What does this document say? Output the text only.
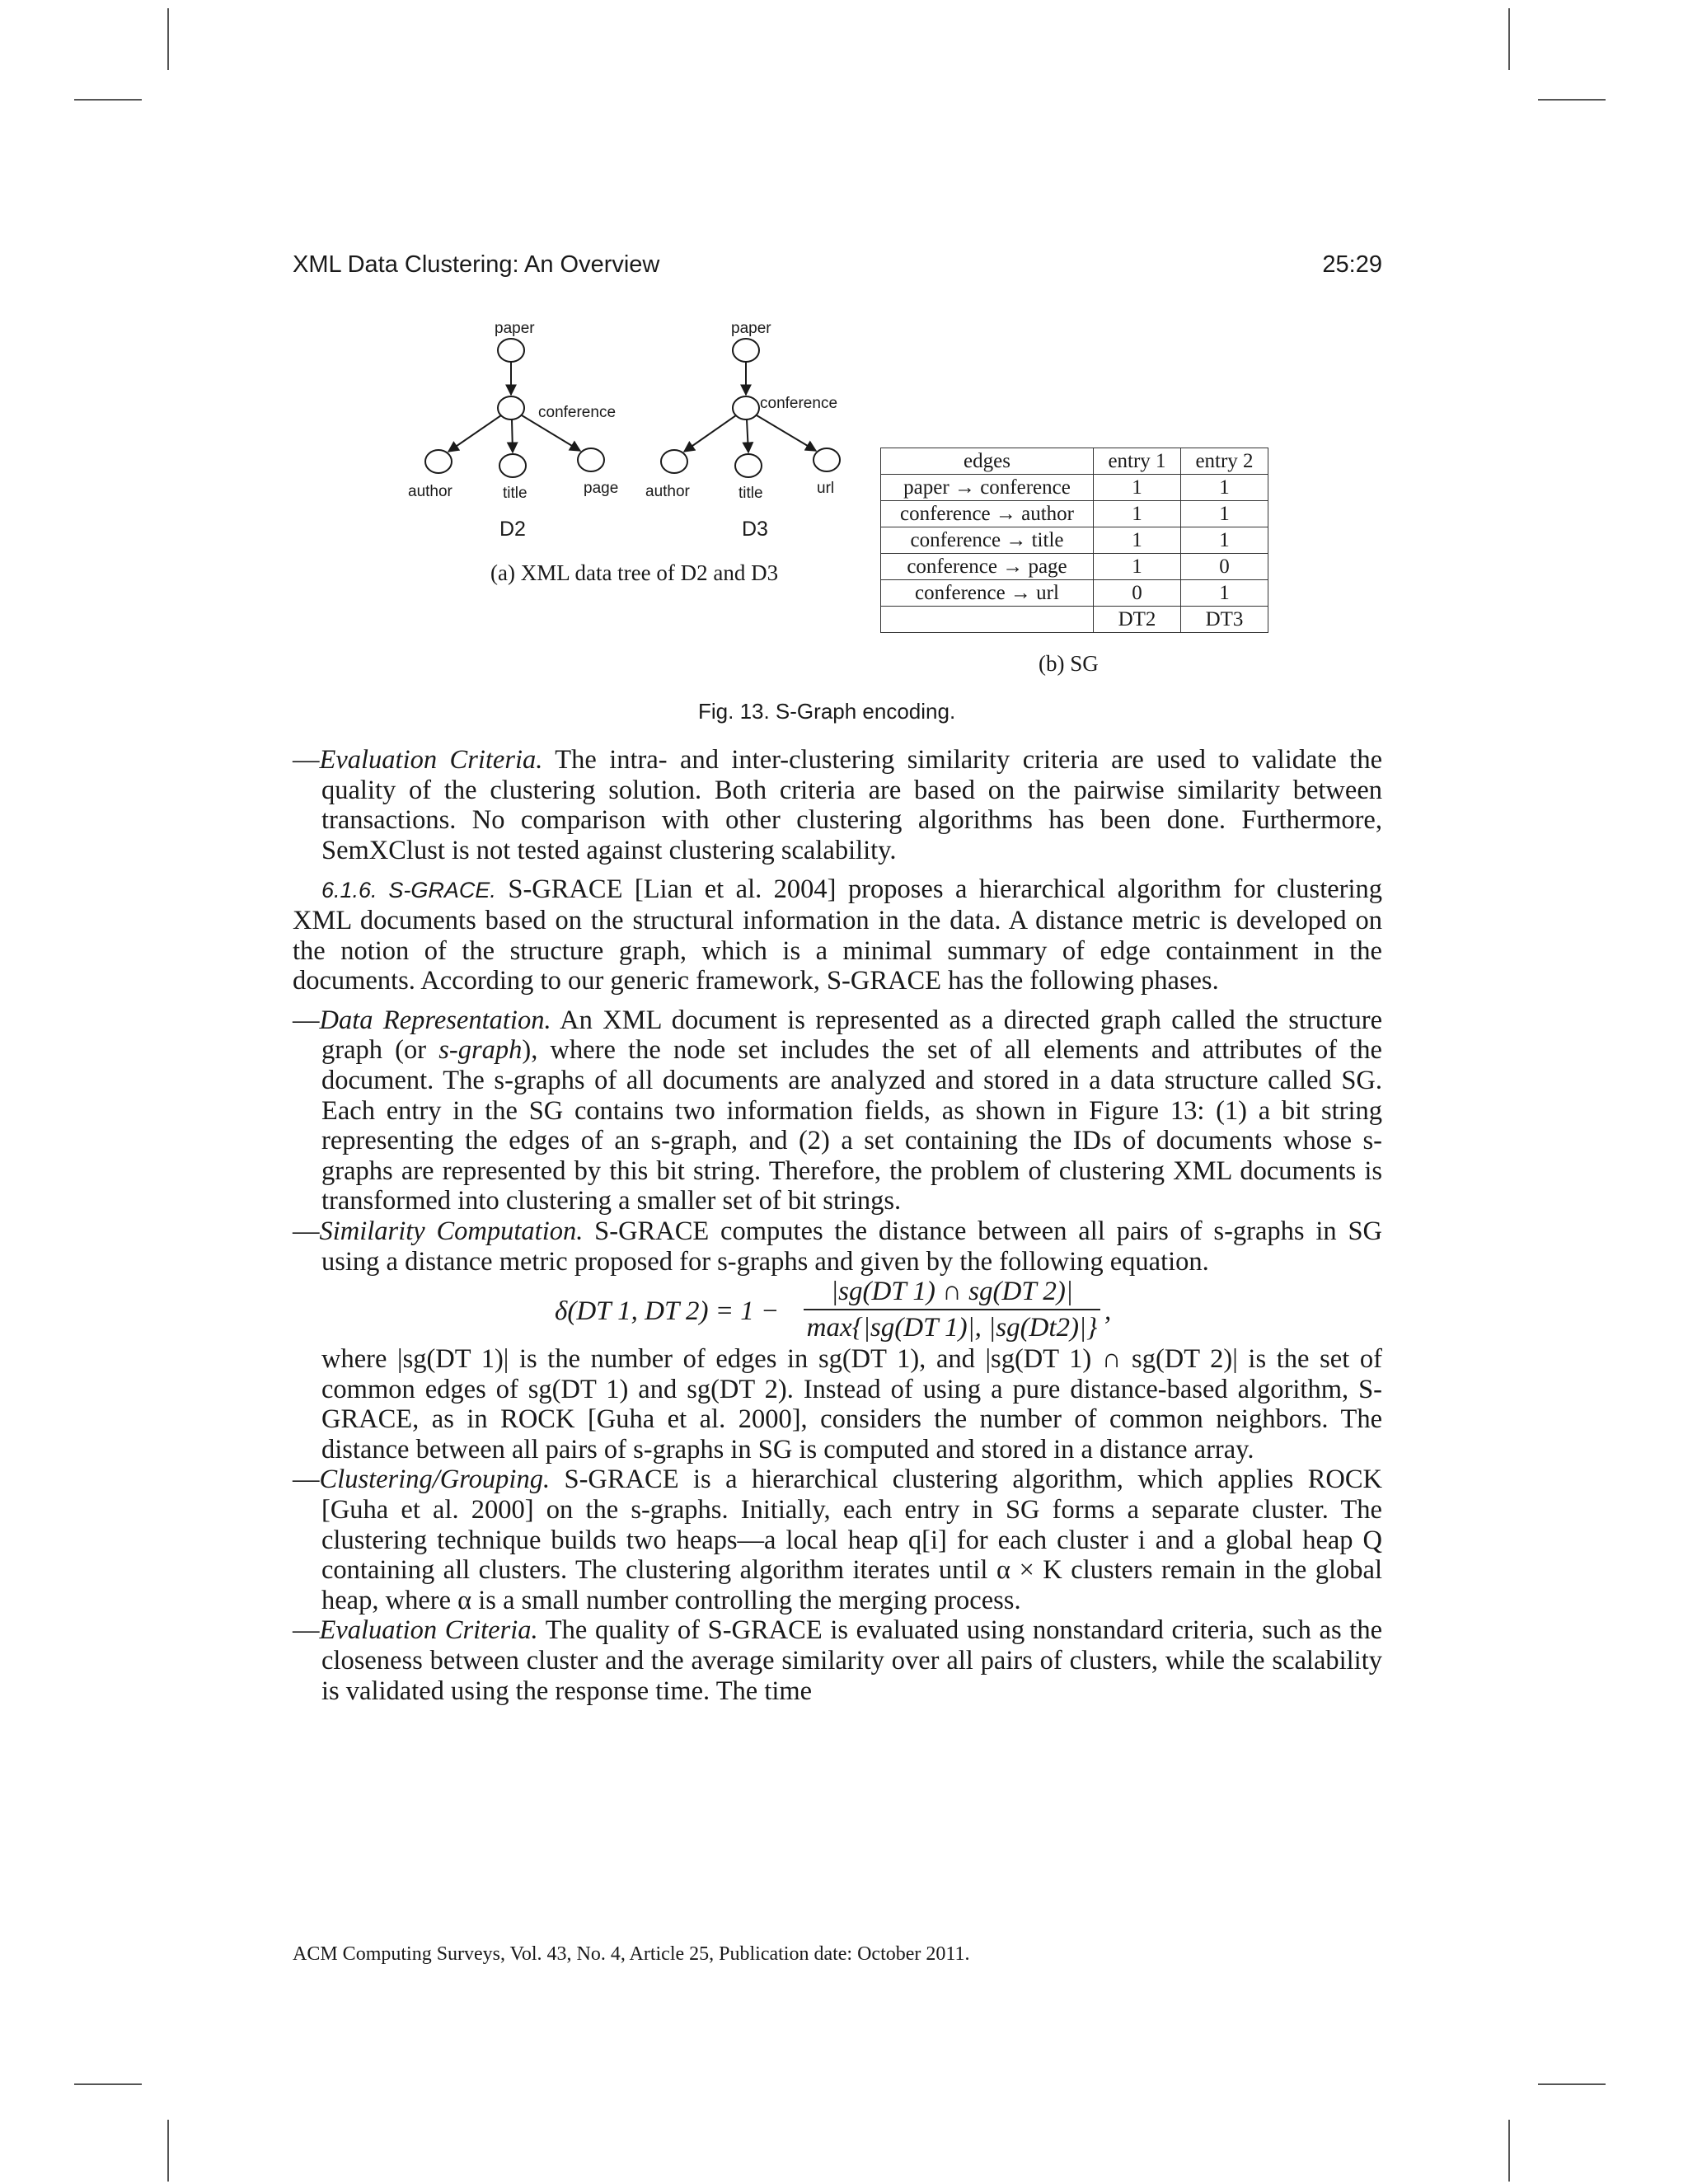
XML Data Clustering: An Overview	25:29
paper
conference
author	title	page
D2
paper
conference
author	title	url
D3
(a) XML data tree of D2 and D3
edges	entry 1	entry 2
paper → conference	1	1
conference → author	1	1
conference → title	1	1
conference → page	1	0
conference → url	0	1
	DT2	DT3
(b) SG
Fig. 13. S-Graph encoding.

—Evaluation Criteria. The intra- and inter-clustering similarity criteria are used to validate the quality of the clustering solution. Both criteria are based on the pairwise similarity between transactions. No comparison with other clustering algorithms has been done. Furthermore, SemXClust is not tested against clustering scalability.

6.1.6. S-GRACE. S-GRACE [Lian et al. 2004] proposes a hierarchical algorithm for clustering XML documents based on the structural information in the data. A distance metric is developed on the notion of the structure graph, which is a minimal summary of edge containment in the documents. According to our generic framework, S-GRACE has the following phases.

—Data Representation. An XML document is represented as a directed graph called the structure graph (or s-graph), where the node set includes the set of all elements and attributes of the document. The s-graphs of all documents are analyzed and stored in a data structure called SG. Each entry in the SG contains two information fields, as shown in Figure 13: (1) a bit string representing the edges of an s-graph, and (2) a set containing the IDs of documents whose s-graphs are represented by this bit string. Therefore, the problem of clustering XML documents is transformed into clustering a smaller set of bit strings.

—Similarity Computation. S-GRACE computes the distance between all pairs of s-graphs in SG using a distance metric proposed for s-graphs and given by the following equation.

δ(DT 1, DT 2) = 1 −
|sg(DT 1) ∩ sg(DT 2)|
max{|sg(DT 1)|, |sg(Dt2)|}
,

where |sg(DT 1)| is the number of edges in sg(DT 1), and |sg(DT 1) ∩ sg(DT 2)| is the set of common edges of sg(DT 1) and sg(DT 2). Instead of using a pure distance-based algorithm, S-GRACE, as in ROCK [Guha et al. 2000], considers the number of common neighbors. The distance between all pairs of s-graphs in SG is computed and stored in a distance array.

—Clustering/Grouping. S-GRACE is a hierarchical clustering algorithm, which applies ROCK [Guha et al. 2000] on the s-graphs. Initially, each entry in SG forms a separate cluster. The clustering technique builds two heaps—a local heap q[i] for each cluster i and a global heap Q containing all clusters. The clustering algorithm iterates until α × K clusters remain in the global heap, where α is a small number controlling the merging process.

—Evaluation Criteria. The quality of S-GRACE is evaluated using nonstandard criteria, such as the closeness between cluster and the average similarity over all pairs of clusters, while the scalability is validated using the response time. The time

ACM Computing Surveys, Vol. 43, No. 4, Article 25, Publication date: October 2011.
